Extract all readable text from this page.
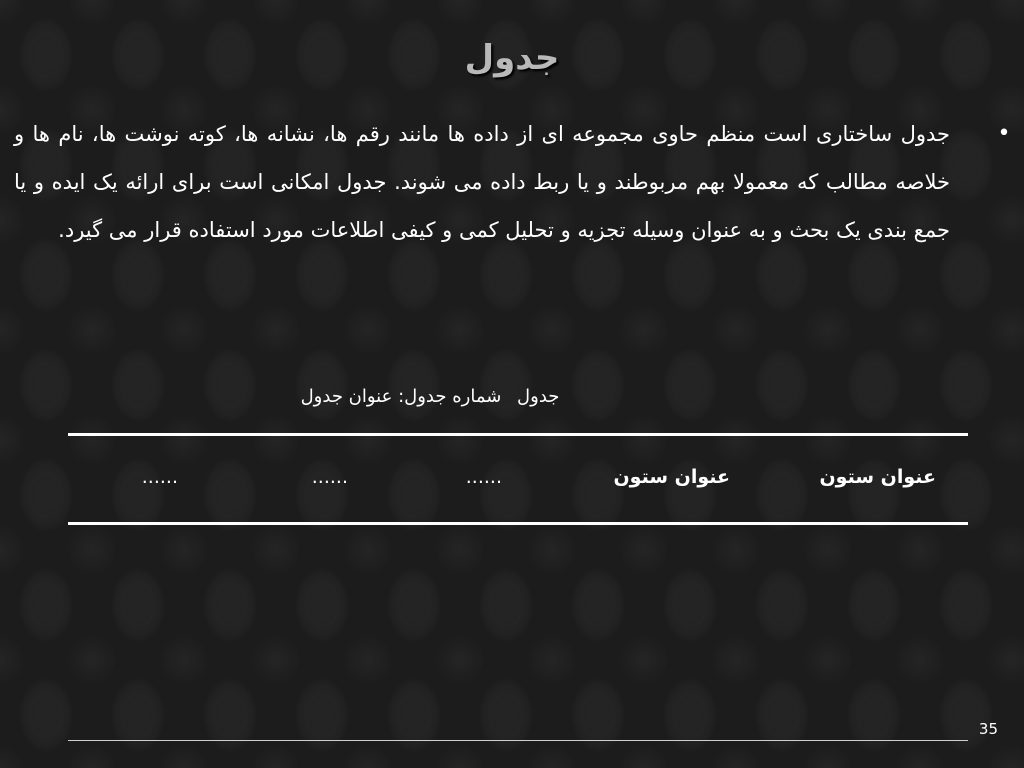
جدول
•
جدول ساختاری است منظم حاوی مجموعه ای از داده ها مانند رقم ها، نشانه ها، کوته نوشت ها، نام ها و خلاصه مطالب که معمولا بهم مربوطند و یا ربط داده می شوند. جدول امکانی است برای ارائه یک ایده و یا جمع بندی یک بحث و به عنوان وسیله تجزیه و تحلیل کمی و کیفی اطلاعات مورد استفاده قرار می گیرد.
جدول شماره جدول: عنوان جدول
عنوان ستون
عنوان ستون
......
......
......
35
